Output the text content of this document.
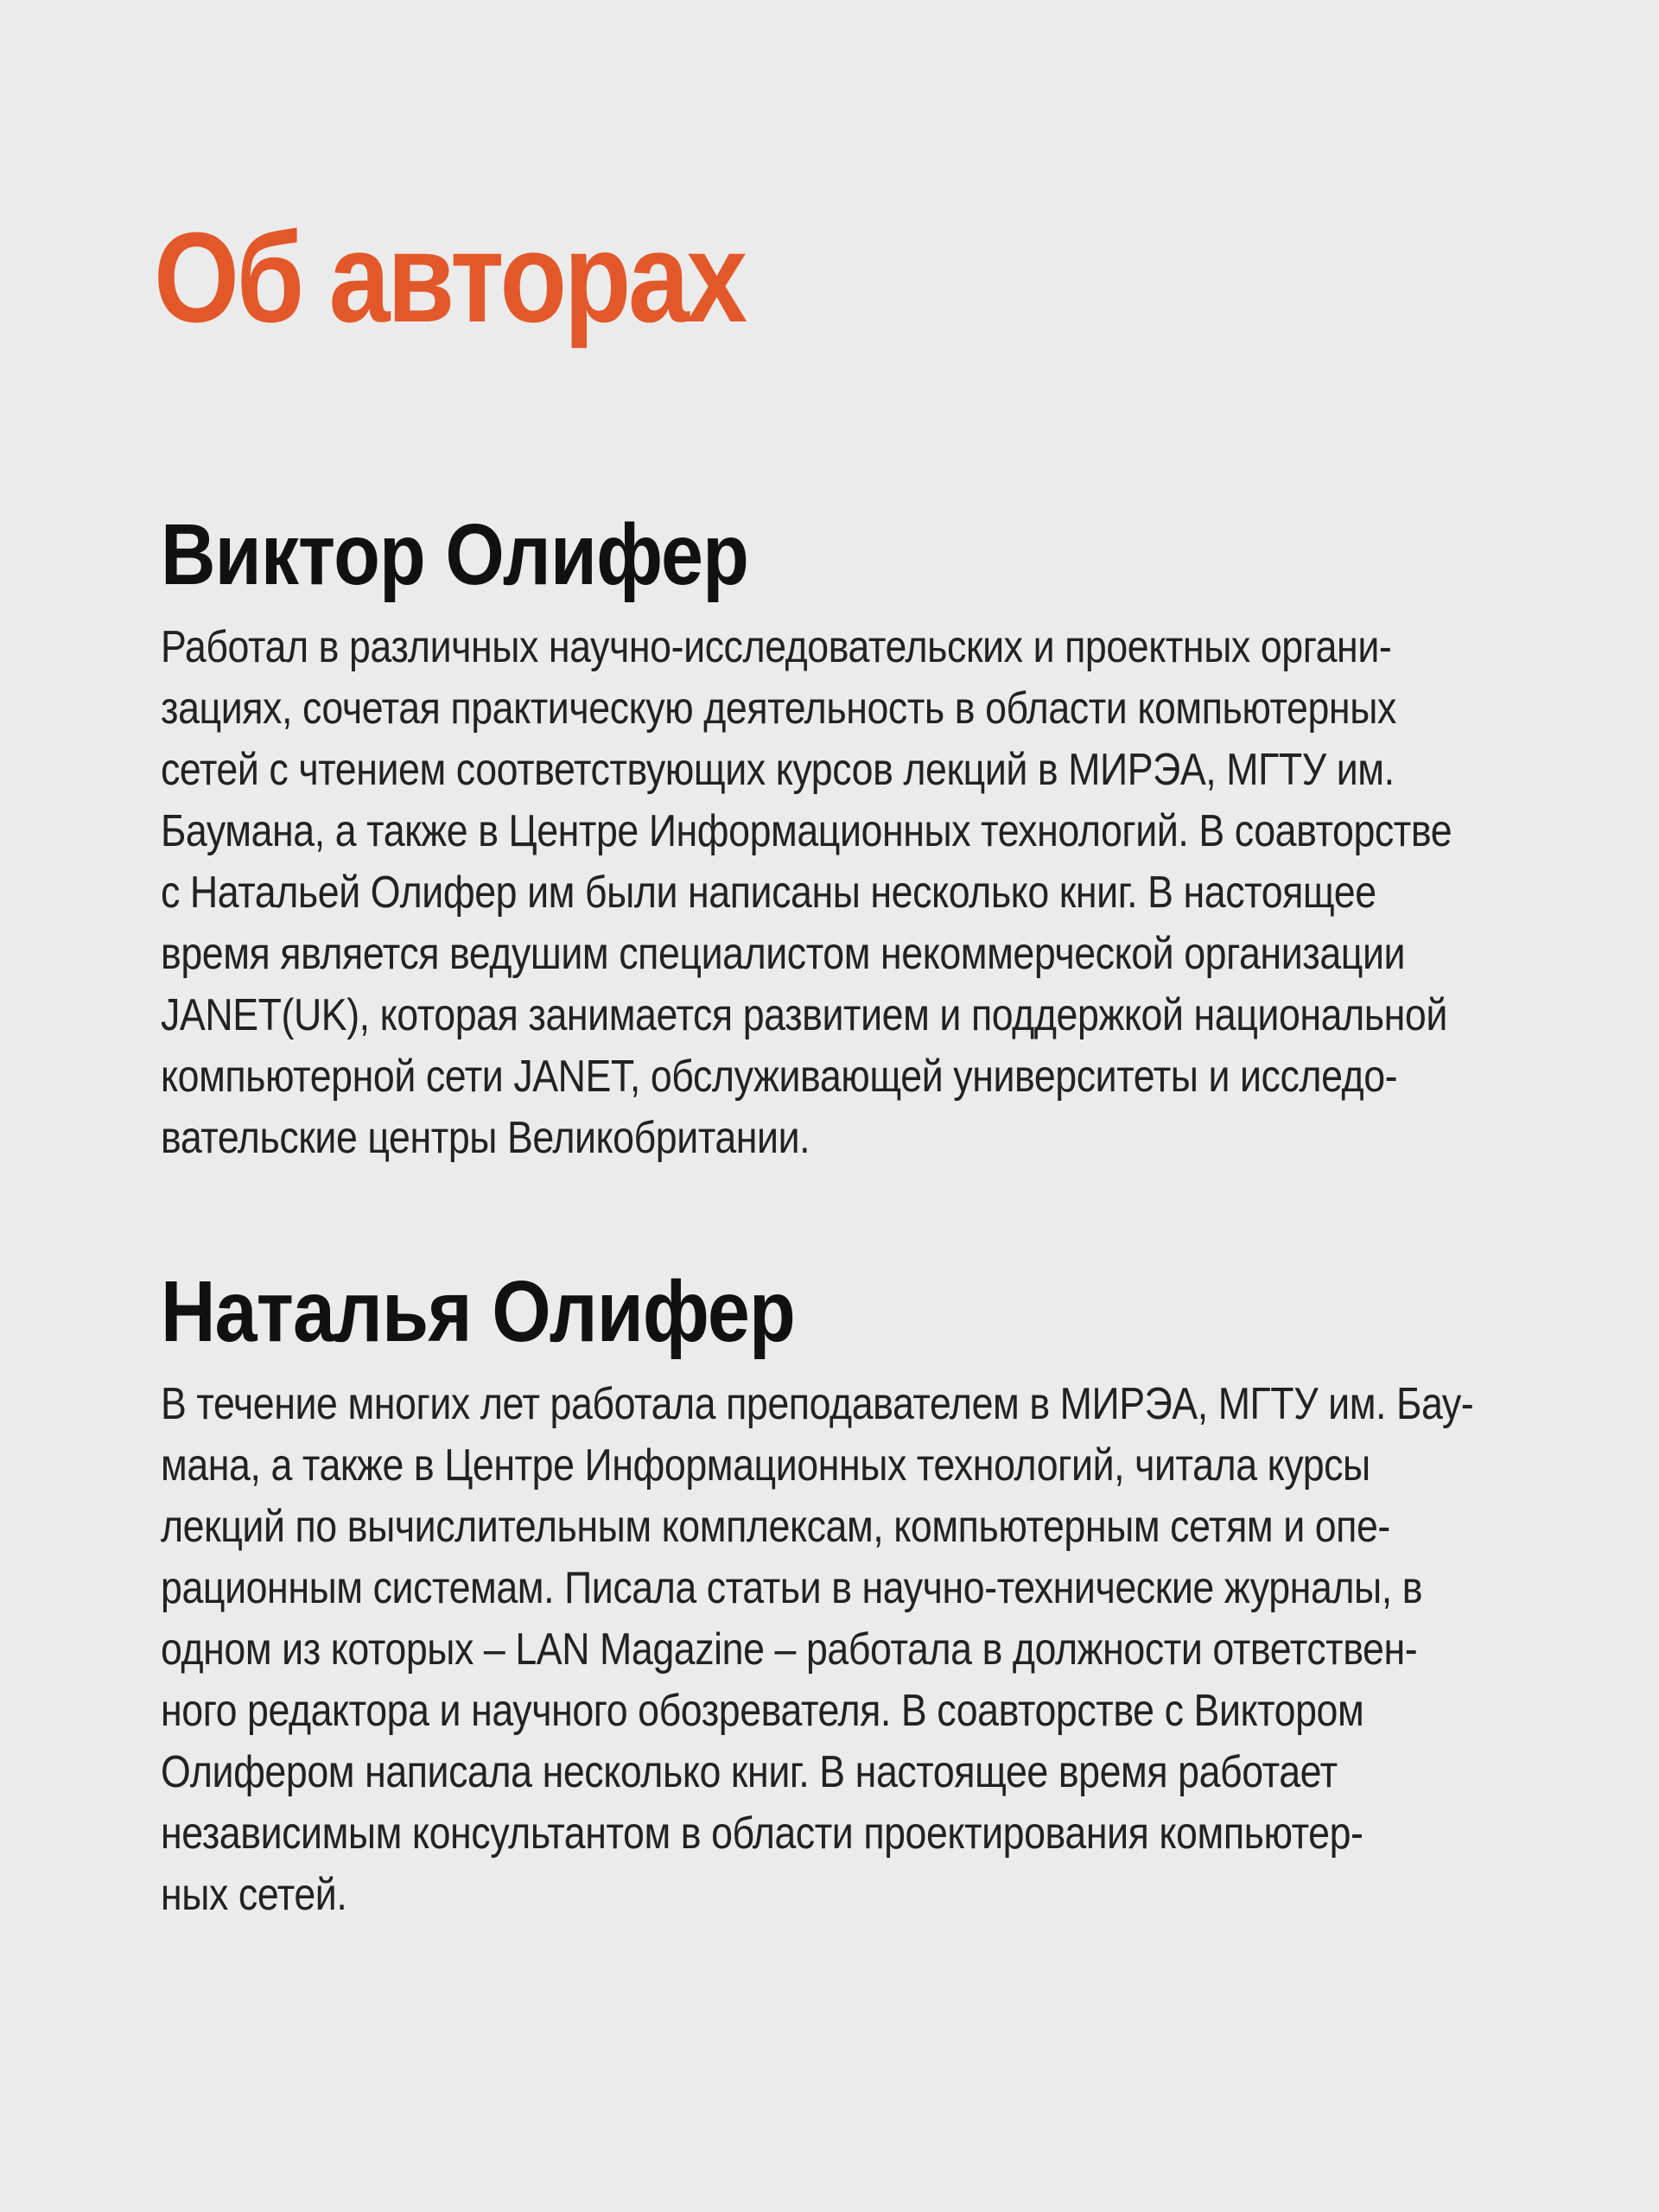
Об авторах
Виктор Олифер
Работал в различных научно-исследовательских и проектных органи-
зациях, сочетая практическую деятельность в области компьютерных
сетей с чтением соответствующих курсов лекций в МИРЭА, МГТУ им.
Баумана, а также в Центре Информационных технологий. В соавторстве
с Натальей Олифер им были написаны несколько книг. В настоящее
время является ведушим специалистом некоммерческой организации
JANET(UK), которая занимается развитием и поддержкой национальной
компьютерной сети JANET, обслуживающей университеты и исследо-
вательские центры Великобритании.
Наталья Олифер
В течение многих лет работала преподавателем в МИРЭА, МГТУ им. Бау-
мана, а также в Центре Информационных технологий, читала курсы
лекций по вычислительным комплексам, компьютерным сетям и опе-
рационным системам. Писала статьи в научно-технические журналы, в
одном из которых – LAN Magazine – работала в должности ответствен-
ного редактора и научного обозревателя. В соавторстве с Виктором
Олифером написала несколько книг. В настоящее время работает
независимым консультантом в области проектирования компьютер-
ных сетей.
